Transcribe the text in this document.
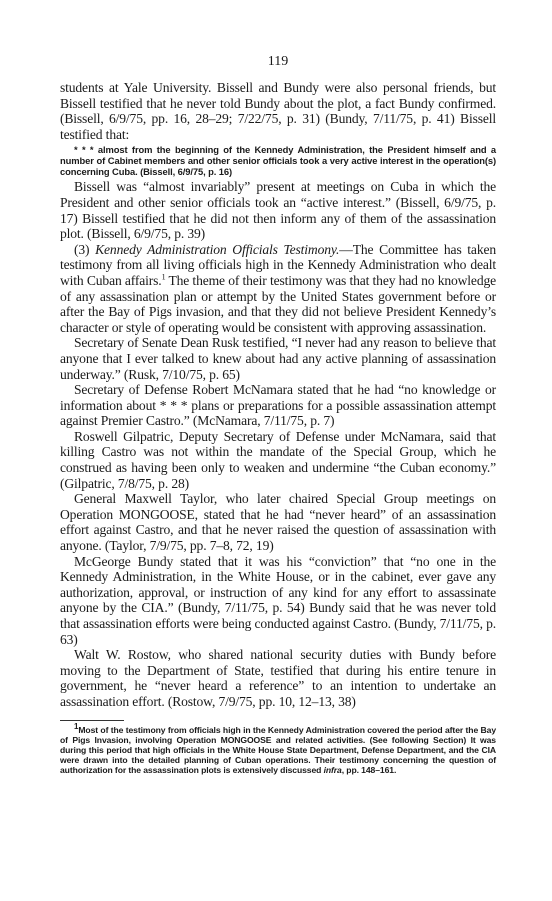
119

students at Yale University. Bissell and Bundy were also personal friends, but Bissell testified that he never told Bundy about the plot, a fact Bundy confirmed. (Bissell, 6/9/75, pp. 16, 28–29; 7/22/75, p. 31) (Bundy, 7/11/75, p. 41) Bissell testified that:

* * * almost from the beginning of the Kennedy Administration, the President himself and a number of Cabinet members and other senior officials took a very active interest in the operation(s) concerning Cuba. (Bissell, 6/9/75, p. 16)

Bissell was “almost invariably” present at meetings on Cuba in which the President and other senior officials took an “active interest.” (Bissell, 6/9/75, p. 17) Bissell testified that he did not then inform any of them of the assassination plot. (Bissell, 6/9/75, p. 39)

(3) Kennedy Administration Officials Testimony.—The Committee has taken testimony from all living officials high in the Kennedy Administration who dealt with Cuban affairs.$^1$ The theme of their testimony was that they had no knowledge of any assassination plan or attempt by the United States government before or after the Bay of Pigs invasion, and that they did not believe President Kennedy’s character or style of operating would be consistent with approving assassination.

Secretary of Senate Dean Rusk testified, “I never had any reason to believe that anyone that I ever talked to knew about had any active planning of assassination underway.” (Rusk, 7/10/75, p. 65)

Secretary of Defense Robert McNamara stated that he had “no knowledge or information about * * * plans or preparations for a possible assassination attempt against Premier Castro.” (McNamara, 7/11/75, p. 7)

Roswell Gilpatric, Deputy Secretary of Defense under McNamara, said that killing Castro was not within the mandate of the Special Group, which he construed as having been only to weaken and undermine “the Cuban economy.” (Gilpatric, 7/8/75, p. 28)

General Maxwell Taylor, who later chaired Special Group meetings on Operation MONGOOSE, stated that he had “never heard” of an assassination effort against Castro, and that he never raised the question of assassination with anyone. (Taylor, 7/9/75, pp. 7–8, 72, 19)

McGeorge Bundy stated that it was his “conviction” that “no one in the Kennedy Administration, in the White House, or in the cabinet, ever gave any authorization, approval, or instruction of any kind for any effort to assassinate anyone by the CIA.” (Bundy, 7/11/75, p. 54) Bundy said that he was never told that assassination efforts were being conducted against Castro. (Bundy, 7/11/75, p. 63)

Walt W. Rostow, who shared national security duties with Bundy before moving to the Department of State, testified that during his entire tenure in government, he “never heard a reference” to an intention to undertake an assassination effort. (Rostow, 7/9/75, pp. 10, 12–13, 38)

$^1$Most of the testimony from officials high in the Kennedy Administration covered the period after the Bay of Pigs Invasion, involving Operation MONGOOSE and related activities. (See following Section) It was during this period that high officials in the White House State Department, Defense Department, and the CIA were drawn into the detailed planning of Cuban operations. Their testimony concerning the question of authorization for the assassination plots is extensively discussed infra, pp. 148–161.
